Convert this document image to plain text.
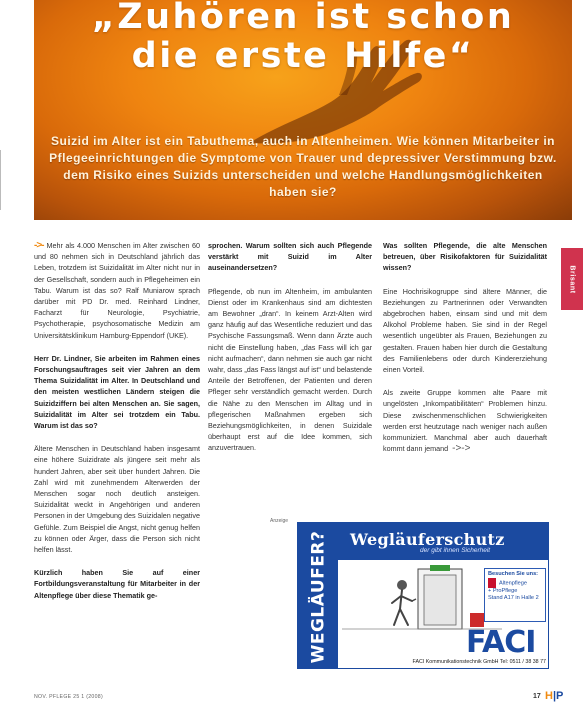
„Zuhören ist schon
die erste Hilfe“
Suizid im Alter ist ein Tabuthema, auch in Altenheimen. Wie können Mitarbeiter in Pflegeeinrichtungen die Symptome von Trauer und depressiver Verstimmung bzw. dem Risiko eines Suizids unterscheiden und welche Handlungsmöglichkeiten haben sie?

->- Mehr als 4.000 Menschen im Alter zwischen 60 und 80 nehmen sich in Deutschland jährlich das Leben, trotzdem ist Suizidalität im Alter nicht nur in der Gesellschaft, sondern auch in Pflegeheimen ein Tabu. Warum ist das so? Ralf Muniarow sprach darüber mit PD Dr. med. Reinhard Lindner, Facharzt für Neurologie, Psychiatrie, Psychotherapie, psychosomatische Medizin am Universitätsklinikum Hamburg-Eppendorf (UKE).

Herr Dr. Lindner, Sie arbeiten im Rahmen eines Forschungsauftrages seit vier Jahren an dem Thema Suizidalität im Alter. In Deutschland und den meisten westlichen Ländern steigen die Suizidziffern bei alten Menschen an. Sie sagen, Suizidalität im Alter sei trotzdem ein Tabu. Warum ist das so?

Ältere Menschen in Deutschland haben insgesamt eine höhere Suizidrate als jüngere seit mehr als hundert Jahren, aber seit über hundert Jahren. Die Zahl wird mit zunehmendem Alterwerden der Menschen sogar noch deutlich ansteigen. Suizidalität weckt in Angehörigen und anderen Personen in der Umgebung des Suizidalen negative Gefühle. Zum Beispiel die Angst, nicht genug helfen zu können oder Ärger, dass die Person sich nicht helfen lässt.

Kürzlich haben Sie auf einer Fortbildungsveranstaltung für Mitarbeiter in der Altenpflege über diese Thematik ge-

sprochen. Warum sollten sich auch Pflegende verstärkt mit Suizid im Alter auseinandersetzen?

Pflegende, ob nun im Altenheim, im ambulanten Dienst oder im Krankenhaus sind am dichtesten am Bewohner „dran“. In keinem Arzt-Alten wird ganz häufig auf das Wesentliche reduziert und das Psychische Fassungsmaß. Wenn dann Ärzte auch nicht die Einstellung haben, „das Fass will ich gar nicht aufmachen“, dann nehmen sie auch gar nicht wahr, dass „das Fass längst auf ist“ und belastende Anteile der Betroffenen, der Patienten und deren Pfleger sehr verständlich gemacht werden. Durch die Nähe zu den Menschen im Alltag und in pflegerischen Maßnahmen ergeben sich Beziehungsmöglichkeiten, in denen Suizidale überhaupt erst auf die Idee kommen, sich anzuvertrauen.

Was sollten Pflegende, die alte Menschen betreuen, über Risikofaktoren für Suizidalität wissen?

Eine Hochrisikogruppe sind ältere Männer, die Beziehungen zu Partnerinnen oder Verwandten abgebrochen haben, einsam sind und mit dem Alkohol Probleme haben. Sie sind in der Regel wesentlich ungeübter als Frauen, Beziehungen zu gestalten. Frauen haben hier durch die Gestaltung des Familienlebens oder durch Kindererziehung einen Vorteil.

Als zweite Gruppe kommen alte Paare mit ungelösten „Inkompatibilitäten“ Problemen hinzu. Diese zwischenmenschlichen Schwierigkeiten werden erst heutzutage nach weniger nach außen kommuniziert. Manchmal aber auch dauerhaft kommt dann jemand ->->

Brisant
Anzeige
WEGLÄUFER? Wegläuferschutz
der gibt ihnen Sicherheit
Besuchen Sie uns:
Altenpflege
+ ProPflege
Stand A17 in Halle 2
FACI
FACI Kommunikationstechnik GmbH Tel: 0511 / 38 38 77
NOV. PFLEGE 25 1 (2008)	17 H|P
